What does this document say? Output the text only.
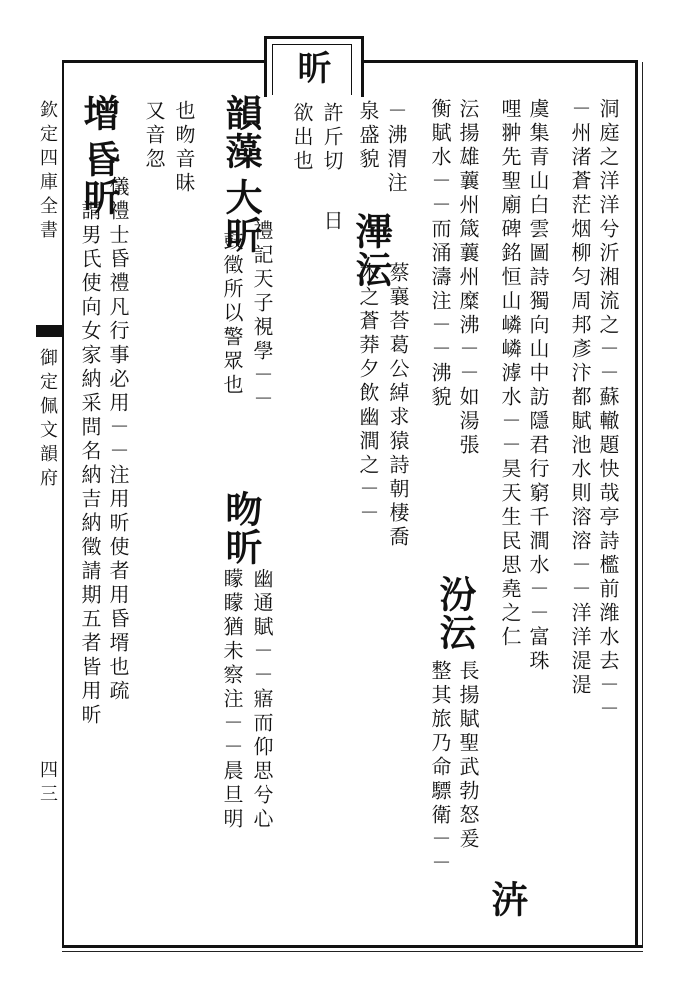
昕
欽定四庫全書
御定佩文韻府
四三
洞庭之洋洋兮沂湘流之－－蘇轍題快哉亭詩檻前潍水去－－
－州渚蒼茫烟柳匀周邦彥汴都賦池水則溶溶－－洋洋湜湜
虞集青山白雲圖詩獨向山中訪隱君行窮千澗水－－富珠
哩翀先聖廟碑銘恒山嶙嶙滹水－－昊天生民思堯之仁
沄揚雄蘘州箴蘘州糜沸－－如湯張
衡賦水－－而涌濤注－－沸貌
泋
汾沄
長揚賦聖武勃怒爰
整其旅乃命驃衛－－
泉盛貌 －沸渭注
滭沄
蔡襄荅葛公綽求猿詩朝棲喬
木之蒼莽夕飲幽澗之－－
許斤切
日
欲出也
韻藻
大昕
禮記天子視學－－
鼓徵所以警眾也
昒昕
幽通賦－－寤而仰思兮心
矇矇猶未察注－－晨旦明
也昒音昧
又音忽
增
昏昕
儀禮士昏禮凡行事必用－－注用昕使者用昏壻也疏
謂男氏使向女家納采問名納吉納徵請期五者皆用昕
